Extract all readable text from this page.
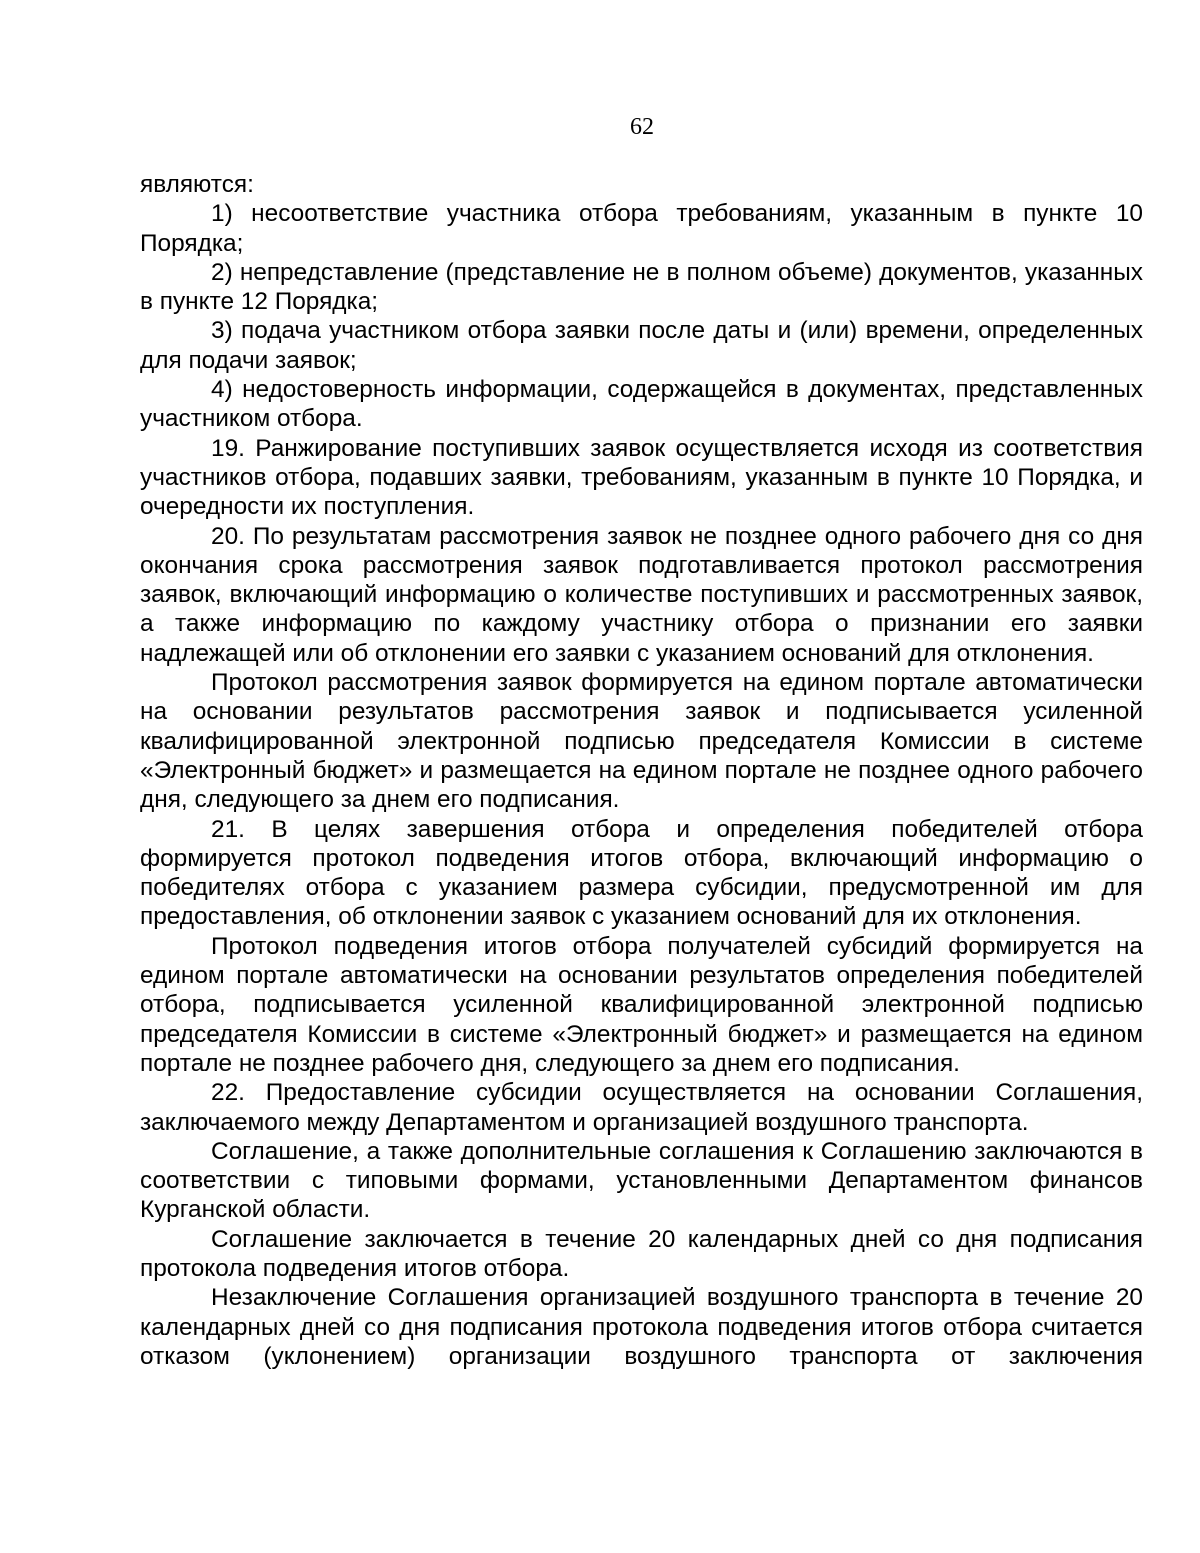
62

являются:

1) несоответствие участника отбора требованиям, указанным в пункте 10 Порядка;

2) непредставление (представление не в полном объеме) документов, указанных в пункте 12 Порядка;

3) подача участником отбора заявки после даты и (или) времени, определенных для подачи заявок;

4) недостоверность информации, содержащейся в документах, представленных участником отбора.

19. Ранжирование поступивших заявок осуществляется исходя из соответствия участников отбора, подавших заявки, требованиям, указанным в пункте 10 Порядка, и очередности их поступления.

20. По результатам рассмотрения заявок не позднее одного рабочего дня со дня окончания срока рассмотрения заявок подготавливается протокол рассмотрения заявок, включающий информацию о количестве поступивших и рассмотренных заявок, а также информацию по каждому участнику отбора о признании его заявки надлежащей или об отклонении его заявки с указанием оснований для отклонения.

Протокол рассмотрения заявок формируется на едином портале автоматически на основании результатов рассмотрения заявок и подписывается усиленной квалифицированной электронной подписью председателя Комиссии в системе «Электронный бюджет» и размещается на едином портале не позднее одного рабочего дня, следующего за днем его подписания.

21. В целях завершения отбора и определения победителей отбора формируется протокол подведения итогов отбора, включающий информацию о победителях отбора с указанием размера субсидии, предусмотренной им для предоставления, об отклонении заявок с указанием оснований для их отклонения.

Протокол подведения итогов отбора получателей субсидий формируется на едином портале автоматически на основании результатов определения победителей отбора, подписывается усиленной квалифицированной электронной подписью председателя Комиссии в системе «Электронный бюджет» и размещается на едином портале не позднее рабочего дня, следующего за днем его подписания.

22. Предоставление субсидии осуществляется на основании Соглашения, заключаемого между Департаментом и организацией воздушного транспорта.

Соглашение, а также дополнительные соглашения к Соглашению заключаются в соответствии с типовыми формами, установленными Департаментом финансов Курганской области.

Соглашение заключается в течение 20 календарных дней со дня подписания протокола подведения итогов отбора.

Незаключение Соглашения организацией воздушного транспорта в течение 20 календарных дней со дня подписания протокола подведения итогов отбора считается отказом (уклонением) организации воздушного транспорта от заключения
